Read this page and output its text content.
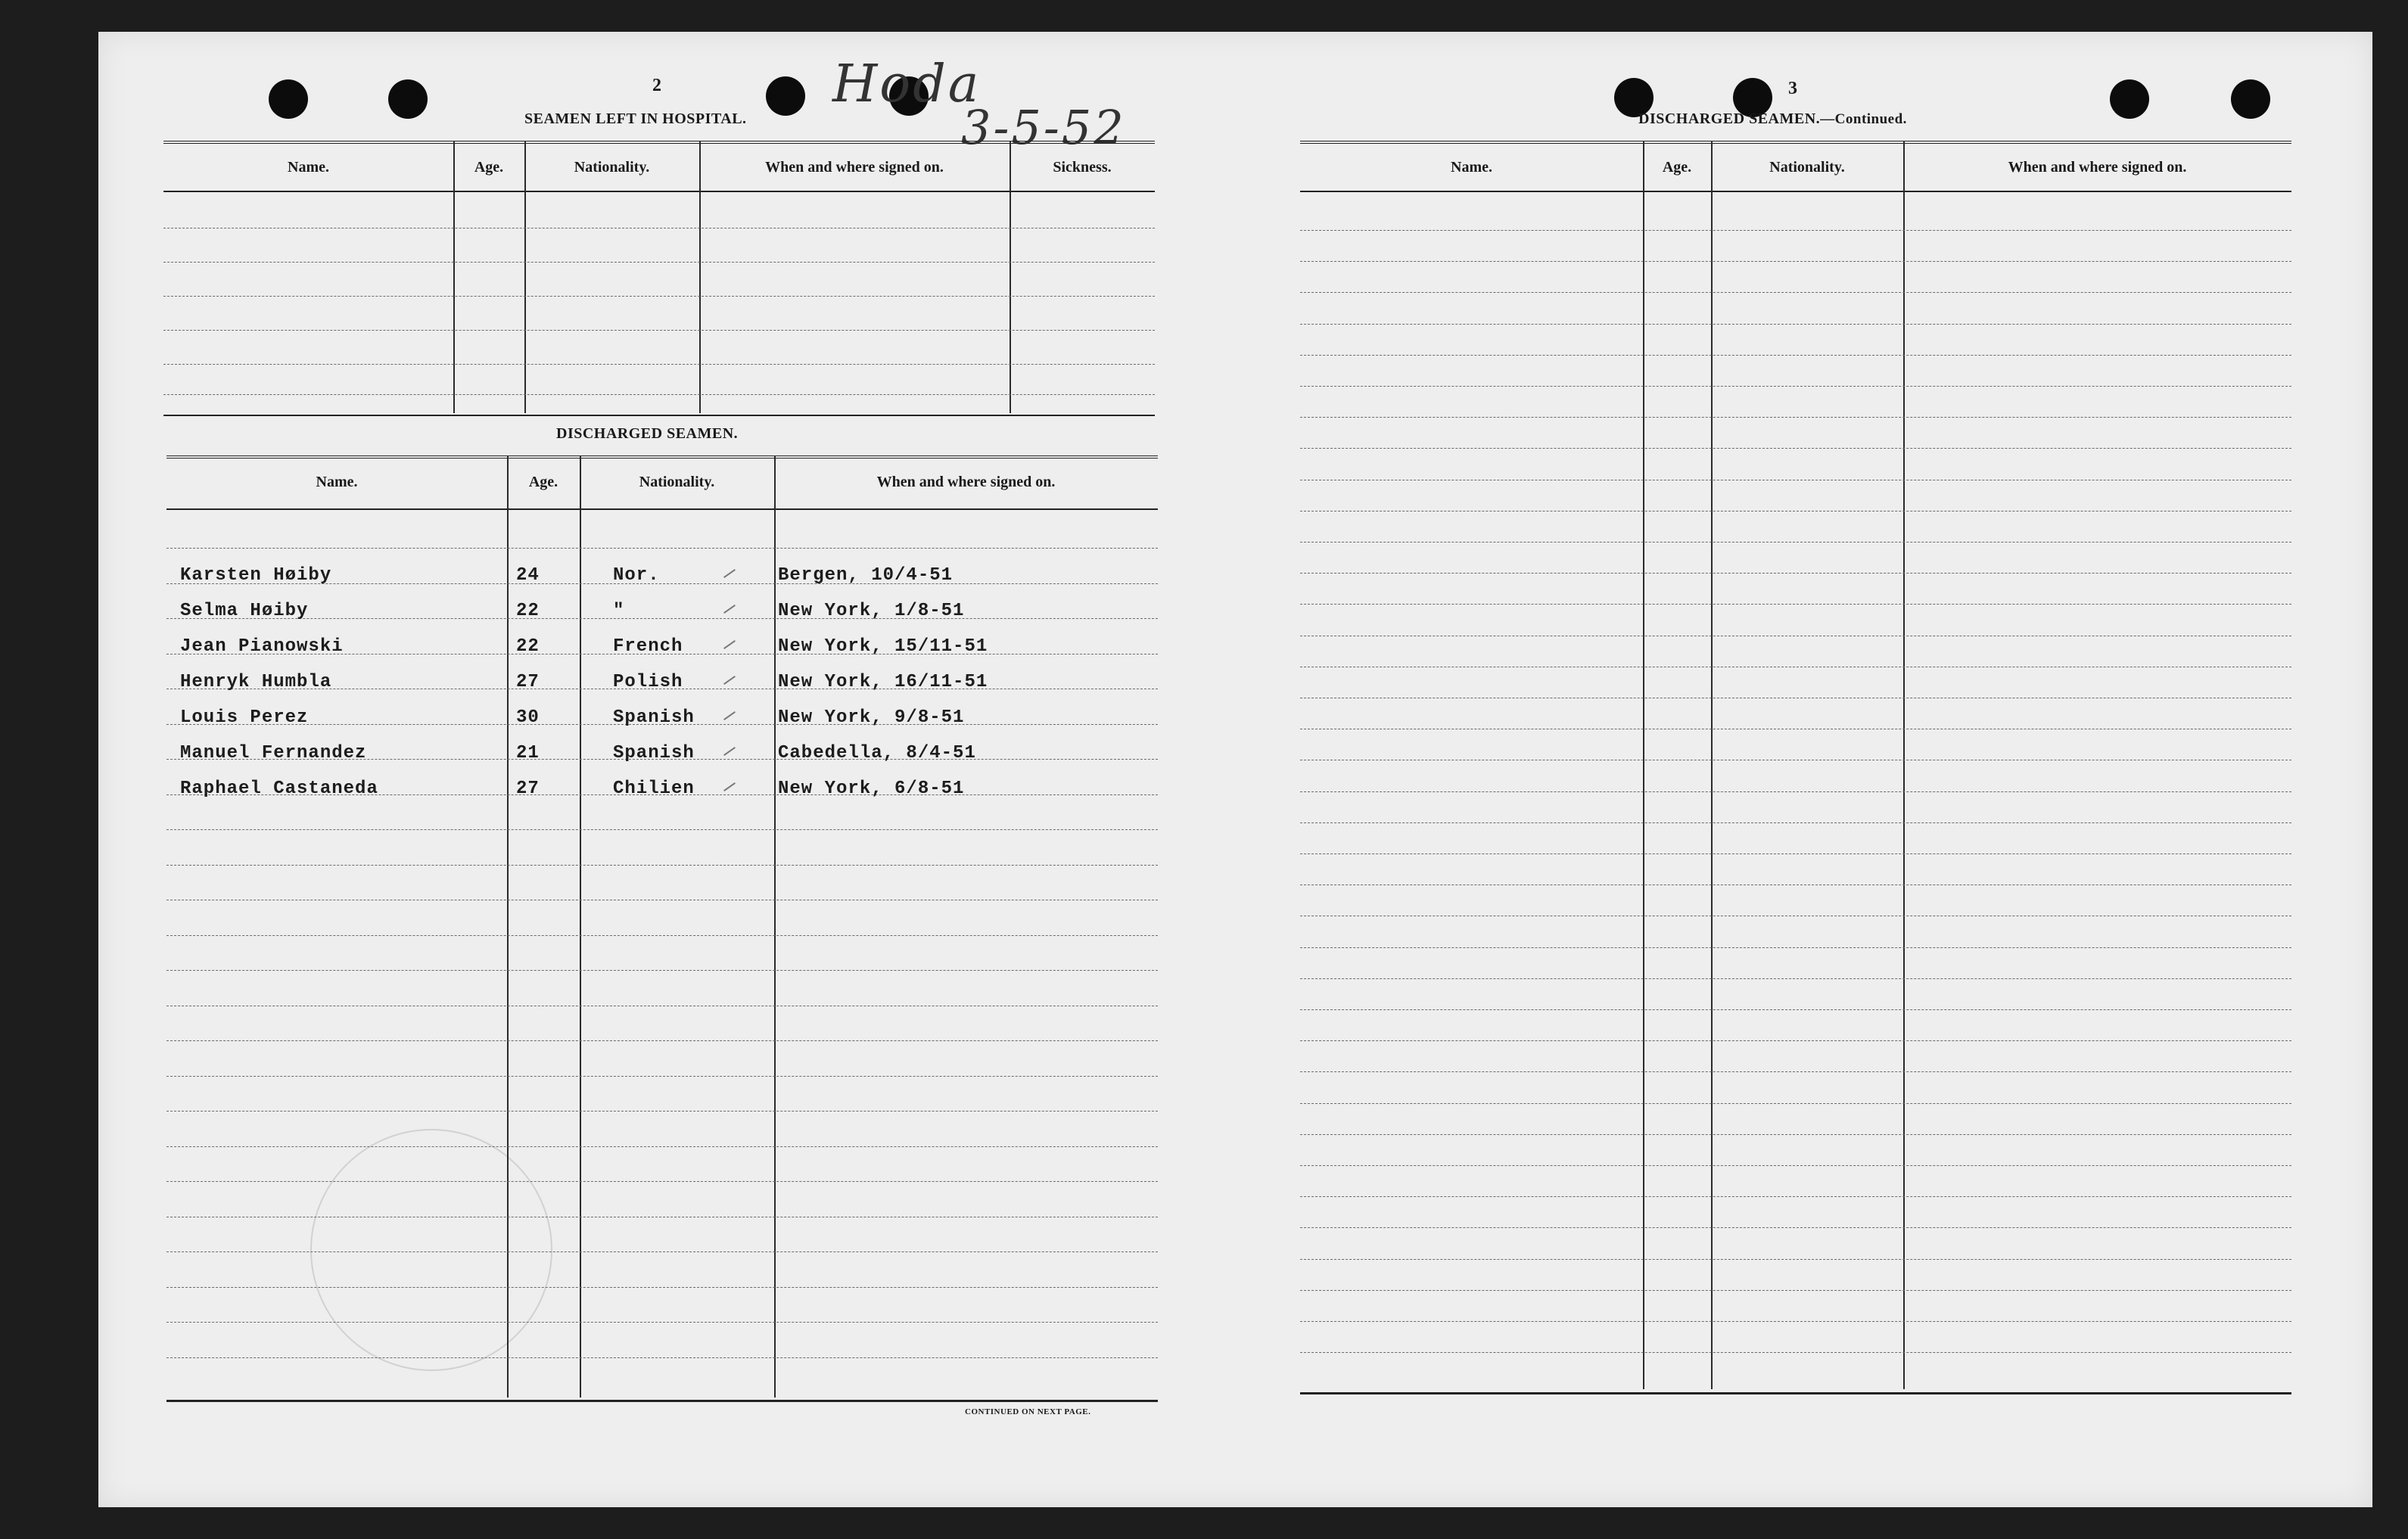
Hoda
3-5-52
2
SEAMEN LEFT IN HOSPITAL.
Name.	Age.	Nationality.	When and where signed on.	Sickness.
DISCHARGED SEAMEN.
Name.	Age.	Nationality.	When and where signed on.
Karsten Høiby	24	Nor.	Bergen, 10/4-51
Selma Høiby	22	"	New York, 1/8-51
Jean Pianowski	22	French	New York, 15/11-51
Henryk Humbla	27	Polish	New York, 16/11-51
Louis Perez	30	Spanish	New York, 9/8-51
Manuel Fernandez	21	Spanish	Cabedella, 8/4-51
Raphael Castaneda	27	Chilien	New York, 6/8-51
CONTINUED ON NEXT PAGE.
3
DISCHARGED SEAMEN.—Continued.
Name.	Age.	Nationality.	When and where signed on.
